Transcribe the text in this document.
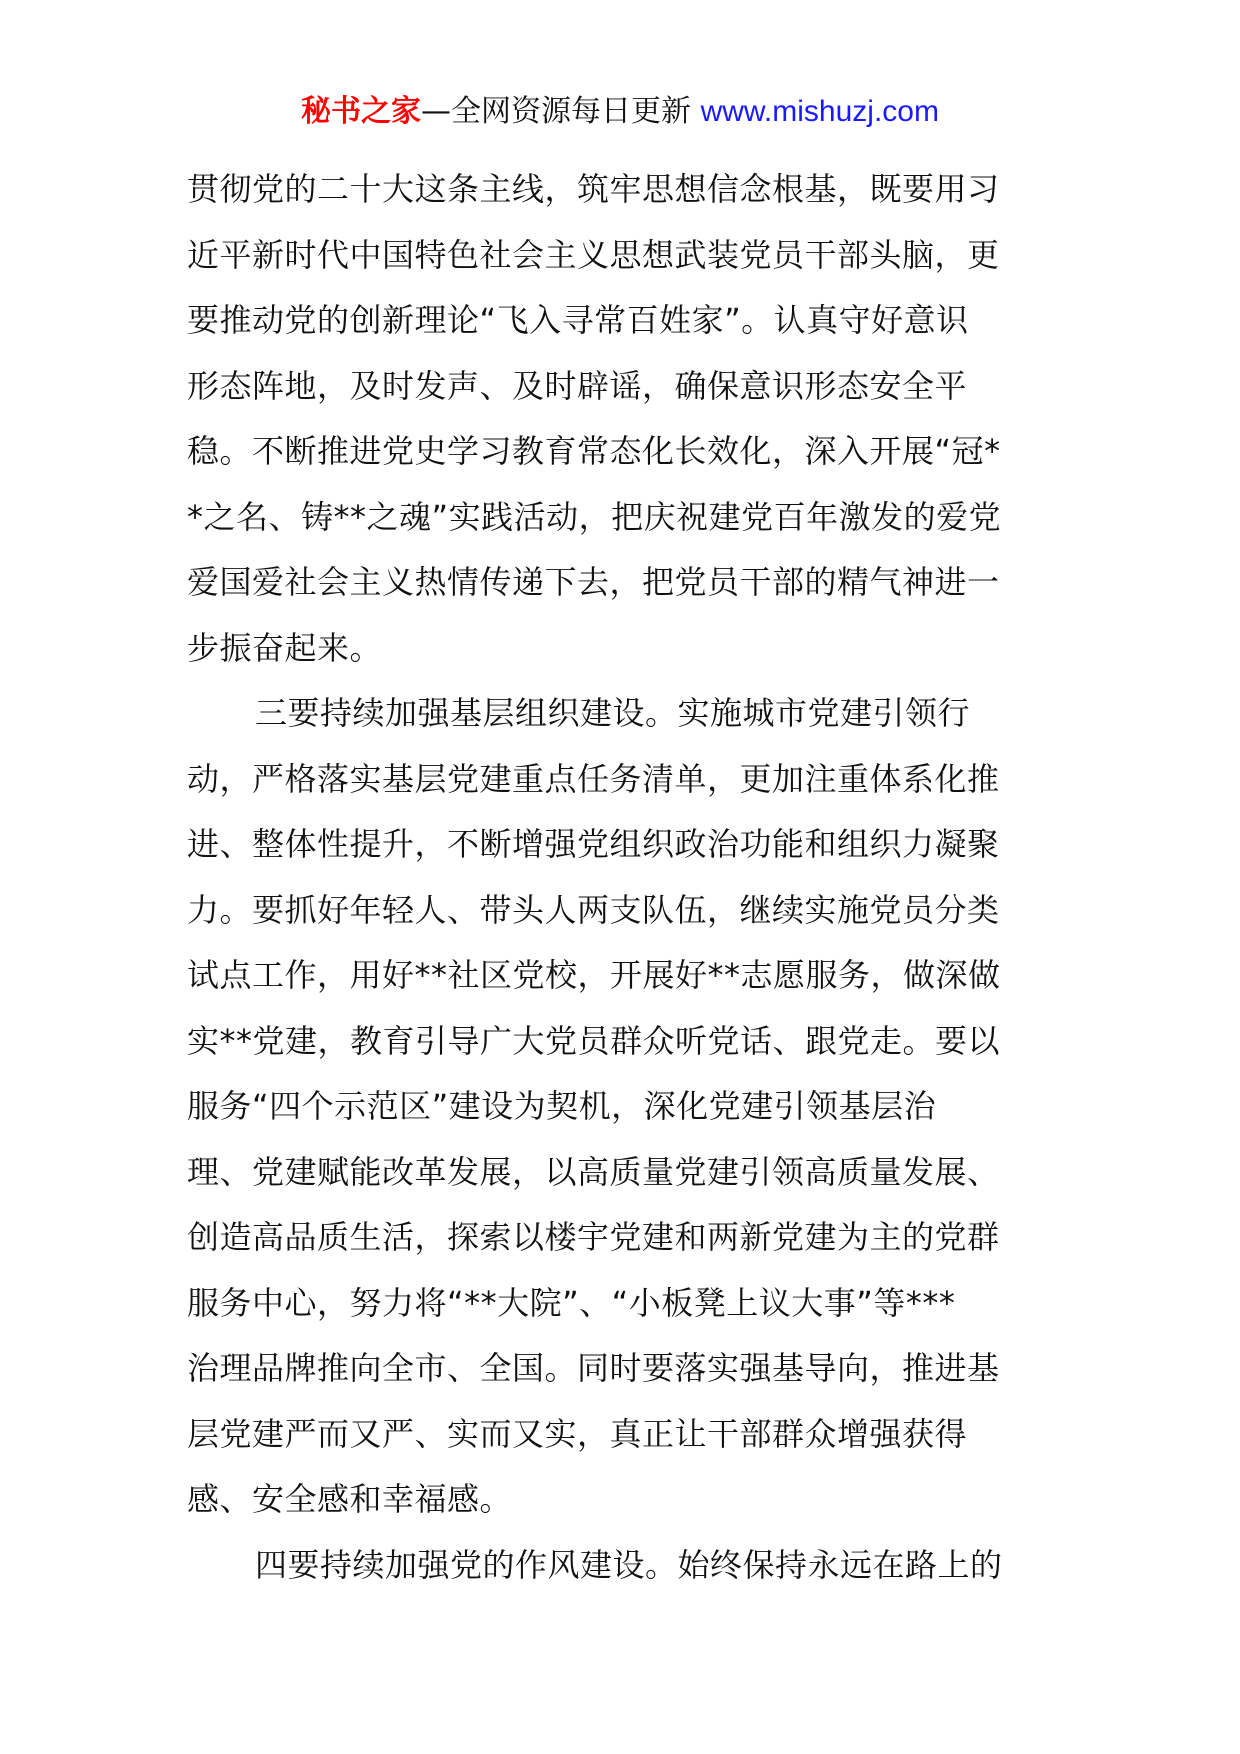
秘书之家—全网资源每日更新 www.mishuzj.com
贯彻党的二十大这条主线，筑牢思想信念根基，既要用习
近平新时代中国特色社会主义思想武装党员干部头脑，更
要推动党的创新理论“飞入寻常百姓家”。认真守好意识
形态阵地，及时发声、及时辟谣，确保意识形态安全平
稳。不断推进党史学习教育常态化长效化，深入开展“冠*
*之名、铸**之魂”实践活动，把庆祝建党百年激发的爱党
爱国爱社会主义热情传递下去，把党员干部的精气神进一
步振奋起来。
三要持续加强基层组织建设。实施城市党建引领行
动，严格落实基层党建重点任务清单，更加注重体系化推
进、整体性提升，不断增强党组织政治功能和组织力凝聚
力。要抓好年轻人、带头人两支队伍，继续实施党员分类
试点工作，用好**社区党校，开展好**志愿服务，做深做
实**党建，教育引导广大党员群众听党话、跟党走。要以
服务“四个示范区”建设为契机，深化党建引领基层治
理、党建赋能改革发展，以高质量党建引领高质量发展、
创造高品质生活，探索以楼宇党建和两新党建为主的党群
服务中心，努力将“**大院”、“小板凳上议大事”等***
治理品牌推向全市、全国。同时要落实强基导向，推进基
层党建严而又严、实而又实，真正让干部群众增强获得
感、安全感和幸福感。
四要持续加强党的作风建设。始终保持永远在路上的
